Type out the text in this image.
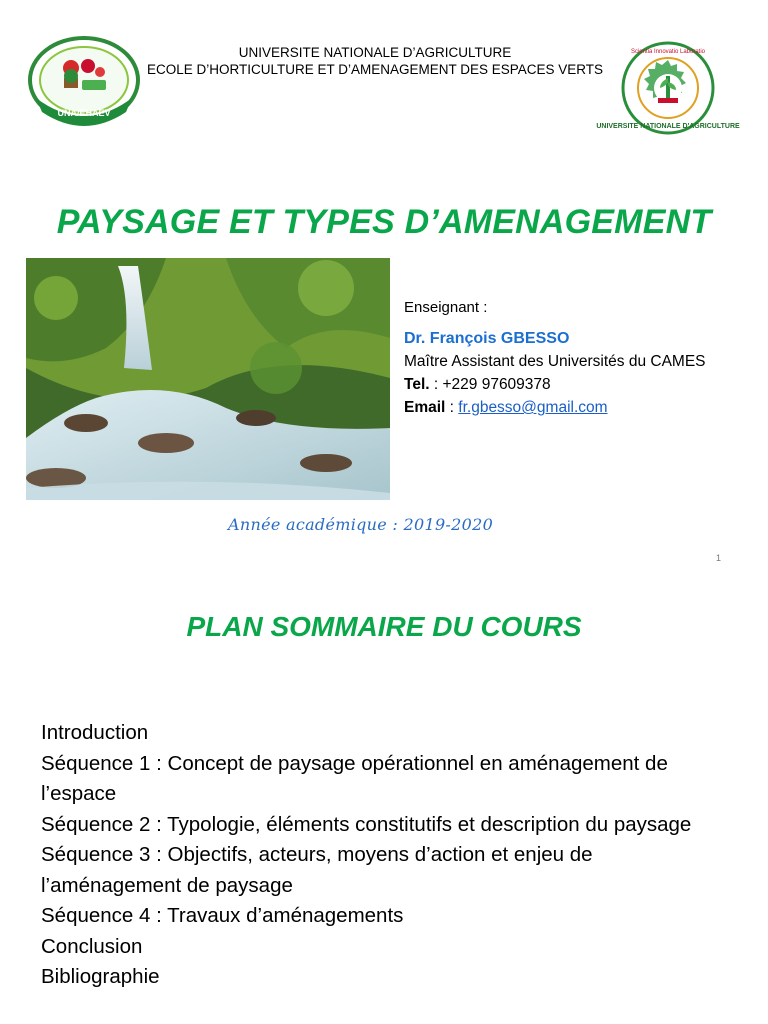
UNA/EHAEV
UNIVERSITE NATIONALE D’AGRICULTURE
ECOLE D’HORTICULTURE ET D’AMENAGEMENT DES ESPACES VERTS
UNIVERSITE NATIONALE D'AGRICULTURE
Scientia Innovatio Laboratio
PAYSAGE ET TYPES D’AMENAGEMENT
Enseignant :
Dr. François GBESSO
Maître Assistant des Universités du CAMES
Tel. : +229 97609378
Email : fr.gbesso@gmail.com
Année académique : 2019-2020
1
PLAN SOMMAIRE DU COURS

Introduction

Séquence 1 : Concept de paysage opérationnel en aménagement de l’espace

Séquence 2 : Typologie, éléments constitutifs et description du paysage

Séquence 3 : Objectifs, acteurs, moyens d’action et enjeu de l’aménagement de paysage

Séquence 4 : Travaux d’aménagements

Conclusion

Bibliographie
